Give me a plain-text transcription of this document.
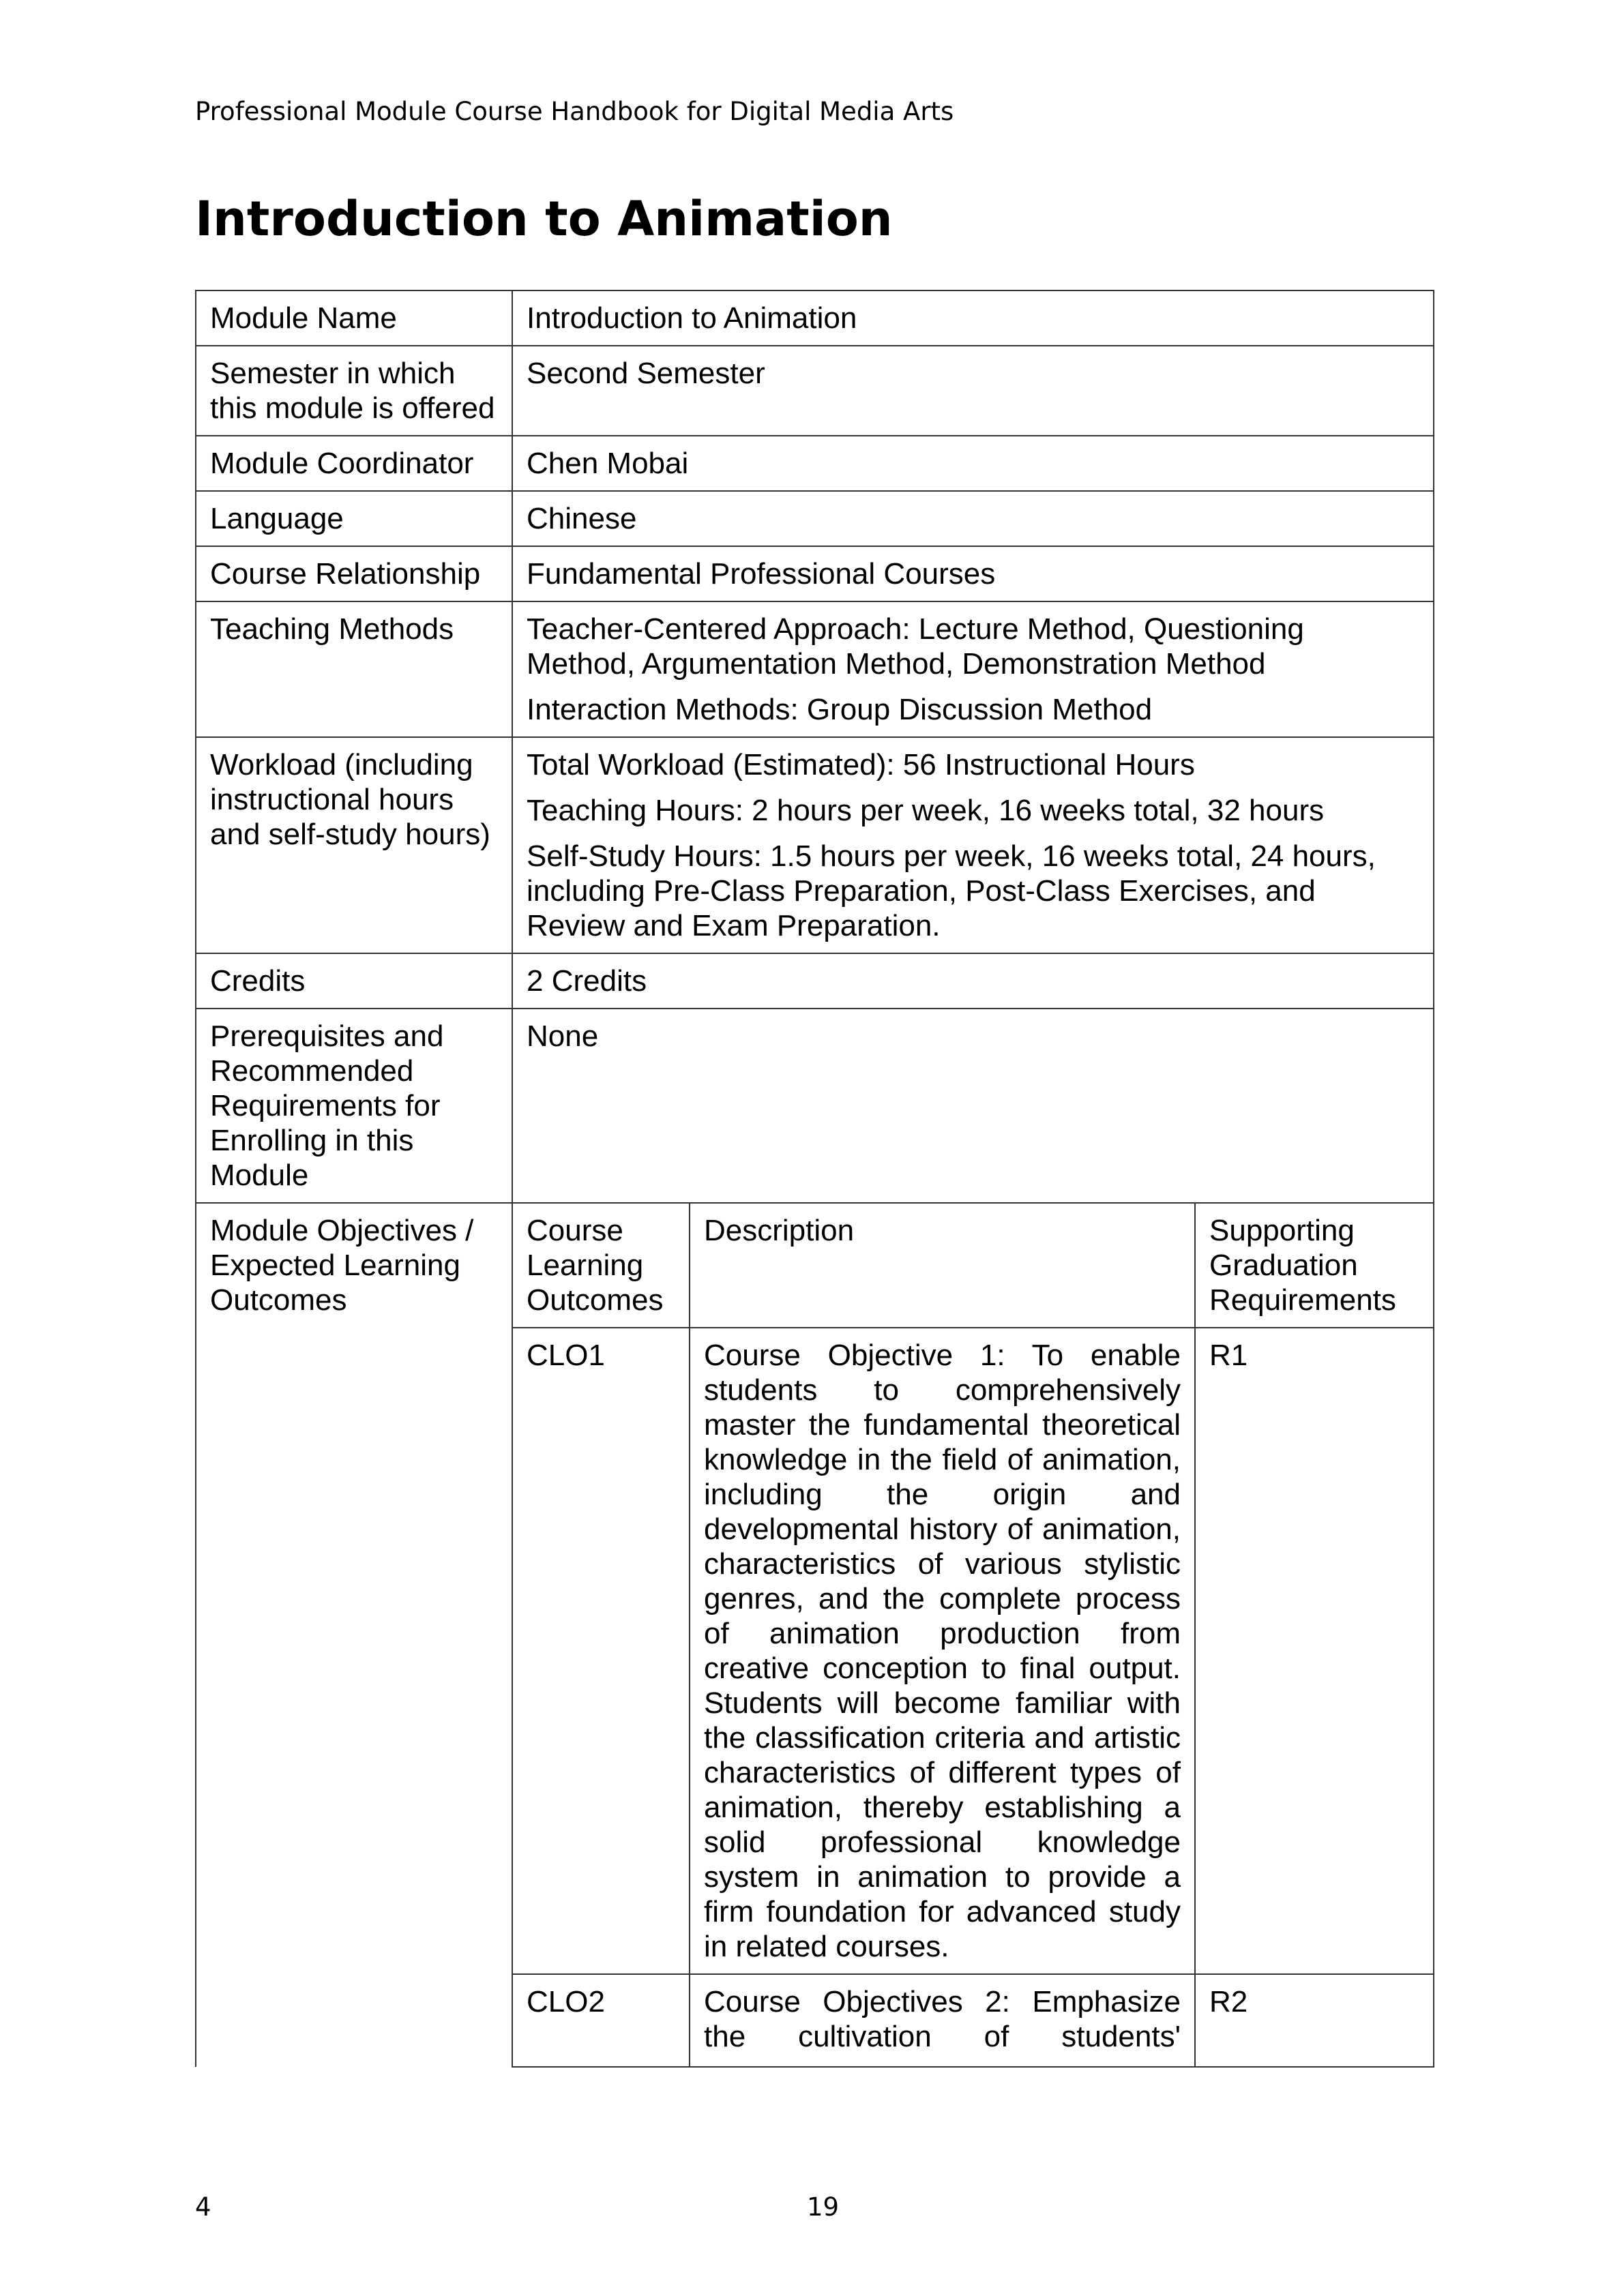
Professional Module Course Handbook for Digital Media Arts
Introduction to Animation
Module Name	Introduction to Animation		
Semester in which this module is offered	Second Semester		
Module Coordinator	Chen Mobai		
Language	Chinese		
Course Relationship	Fundamental Professional Courses		
Teaching Methods	Teacher-Centered Approach: Lecture Method, Questioning Method, Argumentation Method, Demonstration Method
Interaction Methods: Group Discussion Method		

Workload (including instructional hours and self-study hours)	Total Workload (Estimated): 56 Instructional Hours
Teaching Hours: 2 hours per week, 16 weeks total, 32 hours
Self-Study Hours: 1.5 hours per week, 16 weeks total, 24 hours, including Pre-Class Preparation, Post-Class Exercises, and Review and Exam Preparation.		

Credits	2 Credits		
Prerequisites and Recommended Requirements for Enrolling in this Module	None		
Module Objectives / Expected Learning Outcomes	Course Learning Outcomes	Description	Supporting Graduation Requirements
	CLO1	Course Objective 1: To enable students to comprehensively master the fundamental theoretical knowledge in the field of animation, including the origin and developmental history of animation, characteristics of various stylistic genres, and the complete process of animation production from creative conception to final output. Students will become familiar with the classification criteria and artistic characteristics of different types of animation, thereby establishing a solid professional knowledge system in animation to provide a firm foundation for advanced study in related courses.	R1
	CLO2	Course Objectives 2: Emphasize the cultivation of students'	R2
4	19
